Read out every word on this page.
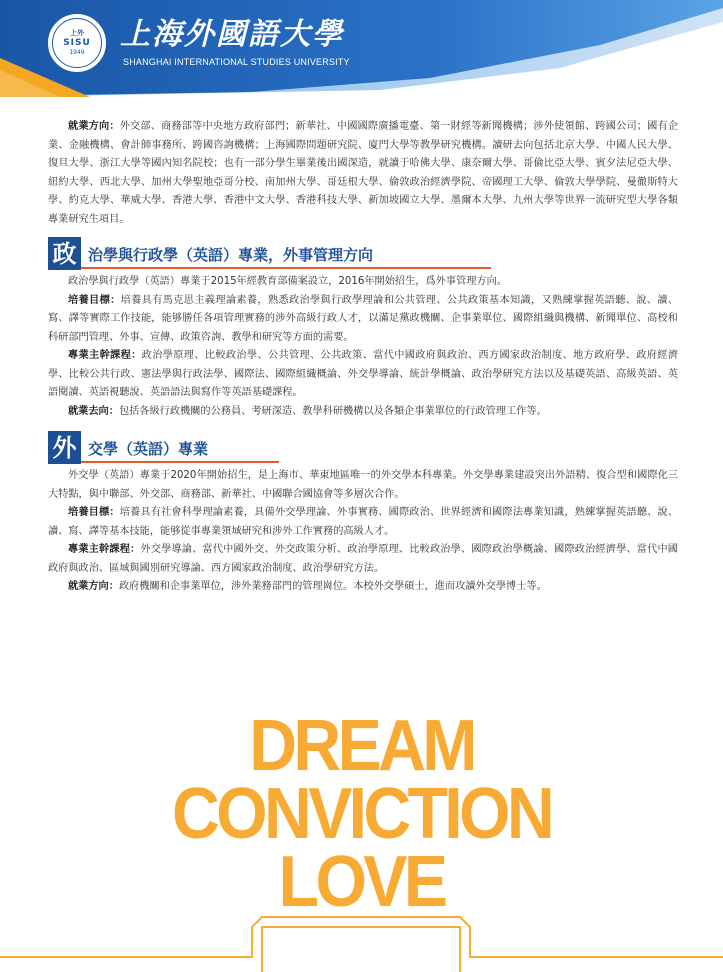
上外
SISU
1949
上海外國語大學
SHANGHAI INTERNATIONAL STUDIES UNIVERSITY

就業方向：外交部、商務部等中央地方政府部門；新華社、中國國際廣播電臺、第一財經等新聞機構；涉外使領館、跨國公司；國有企業、金融機構、會計師事務所、跨國咨詢機構；上海國際問題研究院、廈門大學等教學研究機構。讀研去向包括北京大學、中國人民大學、復旦大學、浙江大學等國內知名院校；也有一部分學生畢業後出國深造，就讀于哈佛大學、康奈爾大學、哥倫比亞大學、賓夕法尼亞大學、紐約大學、西北大學、加州大學聖地亞哥分校、南加州大學、哥廷根大學、倫敦政治經濟學院、帝國理工大學、倫敦大學學院、曼徹斯特大學、約克大學、華威大學、香港大學、香港中文大學、香港科技大學、新加坡國立大學、墨爾本大學、九州大學等世界一流研究型大學各類專業研究生項目。

政 治學與行政學（英語）專業，外事管理方向

政治學與行政學（英語）專業于2015年經教育部備案設立，2016年開始招生，爲外事管理方向。

培養目標：培養具有馬克思主義理論素養，熟悉政治學與行政學理論和公共管理、公共政策基本知識，又熟練掌握英語聽、說、讀、寫、譯等實際工作技能，能够勝任各項管理實務的涉外高級行政人才，以滿足黨政機關、企事業單位、國際組織與機構、新聞單位、高校和科研部門管理、外事、宣傳、政策咨詢、教學和研究等方面的需要。

專業主幹課程：政治學原理、比較政治學、公共管理、公共政策、當代中國政府與政治、西方國家政治制度、地方政府學、政府經濟學、比較公共行政、憲法學與行政法學、國際法、國際組織概論、外交學導論、統計學概論、政治學研究方法以及基礎英語、高級英語、英語閱讀、英語視聽說、英語語法與寫作等英語基礎課程。

就業去向：包括各級行政機關的公務員、考研深造、教學科研機構以及各類企事業單位的行政管理工作等。

外 交學（英語）專業

外交學（英語）專業于2020年開始招生，是上海市、華東地區唯一的外交學本科專業。外交學專業建設突出外語精、復合型和國際化三大特點，與中聯部、外交部、商務部、新華社、中國聯合國協會等多層次合作。

培養目標：培養具有社會科學理論素養，具備外交學理論、外事實務、國際政治、世界經濟和國際法專業知識，熟練掌握英語聽、說、讀、寫、譯等基本技能，能够從事專業領域研究和涉外工作實務的高級人才。

專業主幹課程：外交學導論、當代中國外交、外交政策分析、政治學原理、比較政治學、國際政治學概論、國際政治經濟學、當代中國政府與政治、區域與國別研究導論、西方國家政治制度、政治學研究方法。

就業方向：政府機關和企事業單位，涉外業務部門的管理崗位。本校外交學碩士，進而攻讀外交學博士等。

DREAM
CONVICTION
LOVE
